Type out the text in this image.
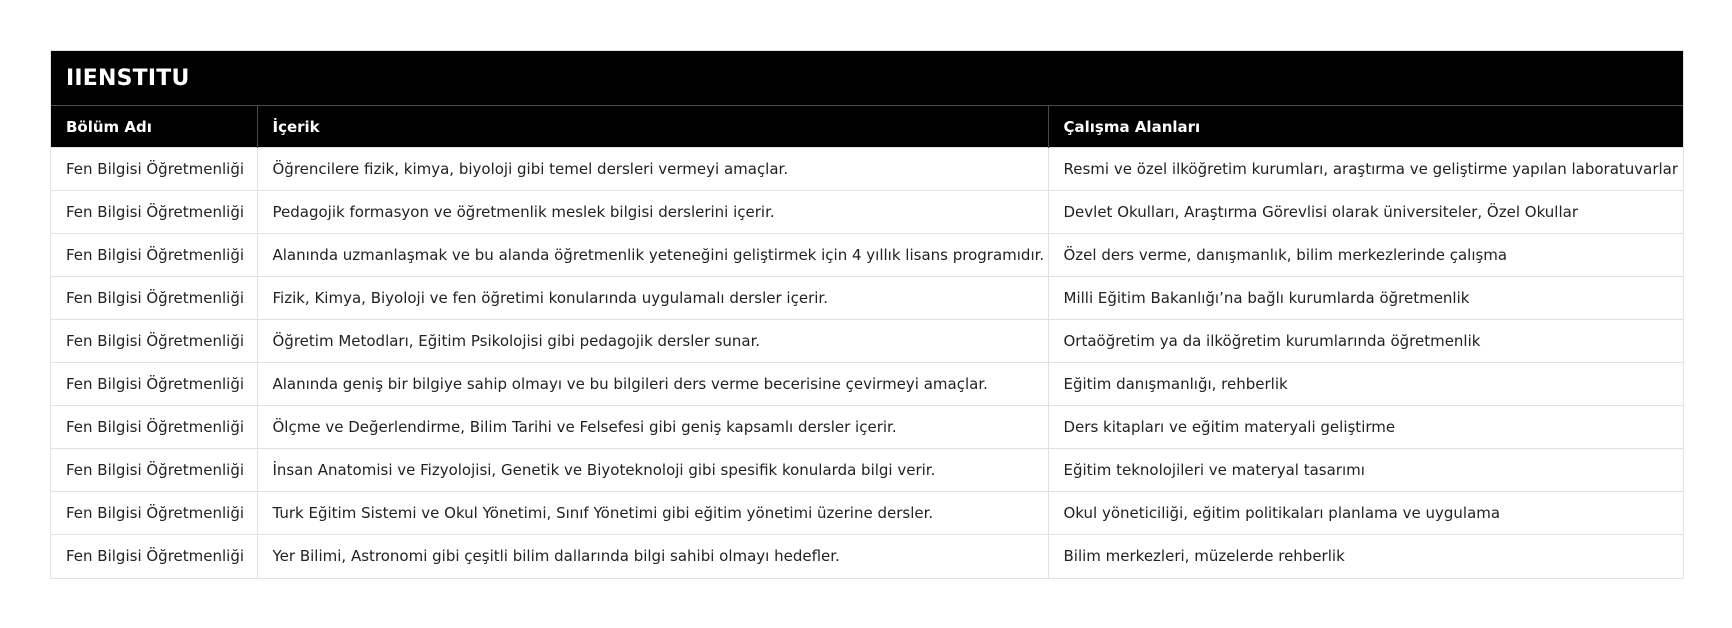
IIENSTITU
Bölüm Adı	İçerik	Çalışma Alanları
Fen Bilgisi Öğretmenliği	Öğrencilere fizik, kimya, biyoloji gibi temel dersleri vermeyi amaçlar.	Resmi ve özel ilköğretim kurumları, araştırma ve geliştirme yapılan laboratuvarlar
Fen Bilgisi Öğretmenliği	Pedagojik formasyon ve öğretmenlik meslek bilgisi derslerini içerir.	Devlet Okulları, Araştırma Görevlisi olarak üniversiteler, Özel Okullar
Fen Bilgisi Öğretmenliği	Alanında uzmanlaşmak ve bu alanda öğretmenlik yeteneğini geliştirmek için 4 yıllık lisans programıdır.	Özel ders verme, danışmanlık, bilim merkezlerinde çalışma
Fen Bilgisi Öğretmenliği	Fizik, Kimya, Biyoloji ve fen öğretimi konularında uygulamalı dersler içerir.	Milli Eğitim Bakanlığı’na bağlı kurumlarda öğretmenlik
Fen Bilgisi Öğretmenliği	Öğretim Metodları, Eğitim Psikolojisi gibi pedagojik dersler sunar.	Ortaöğretim ya da ilköğretim kurumlarında öğretmenlik
Fen Bilgisi Öğretmenliği	Alanında geniş bir bilgiye sahip olmayı ve bu bilgileri ders verme becerisine çevirmeyi amaçlar.	Eğitim danışmanlığı, rehberlik
Fen Bilgisi Öğretmenliği	Ölçme ve Değerlendirme, Bilim Tarihi ve Felsefesi gibi geniş kapsamlı dersler içerir.	Ders kitapları ve eğitim materyali geliştirme
Fen Bilgisi Öğretmenliği	İnsan Anatomisi ve Fizyolojisi, Genetik ve Biyoteknoloji gibi spesifik konularda bilgi verir.	Eğitim teknolojileri ve materyal tasarımı
Fen Bilgisi Öğretmenliği	Turk Eğitim Sistemi ve Okul Yönetimi, Sınıf Yönetimi gibi eğitim yönetimi üzerine dersler.	Okul yöneticiliği, eğitim politikaları planlama ve uygulama
Fen Bilgisi Öğretmenliği	Yer Bilimi, Astronomi gibi çeşitli bilim dallarında bilgi sahibi olmayı hedefler.	Bilim merkezleri, müzelerde rehberlik
